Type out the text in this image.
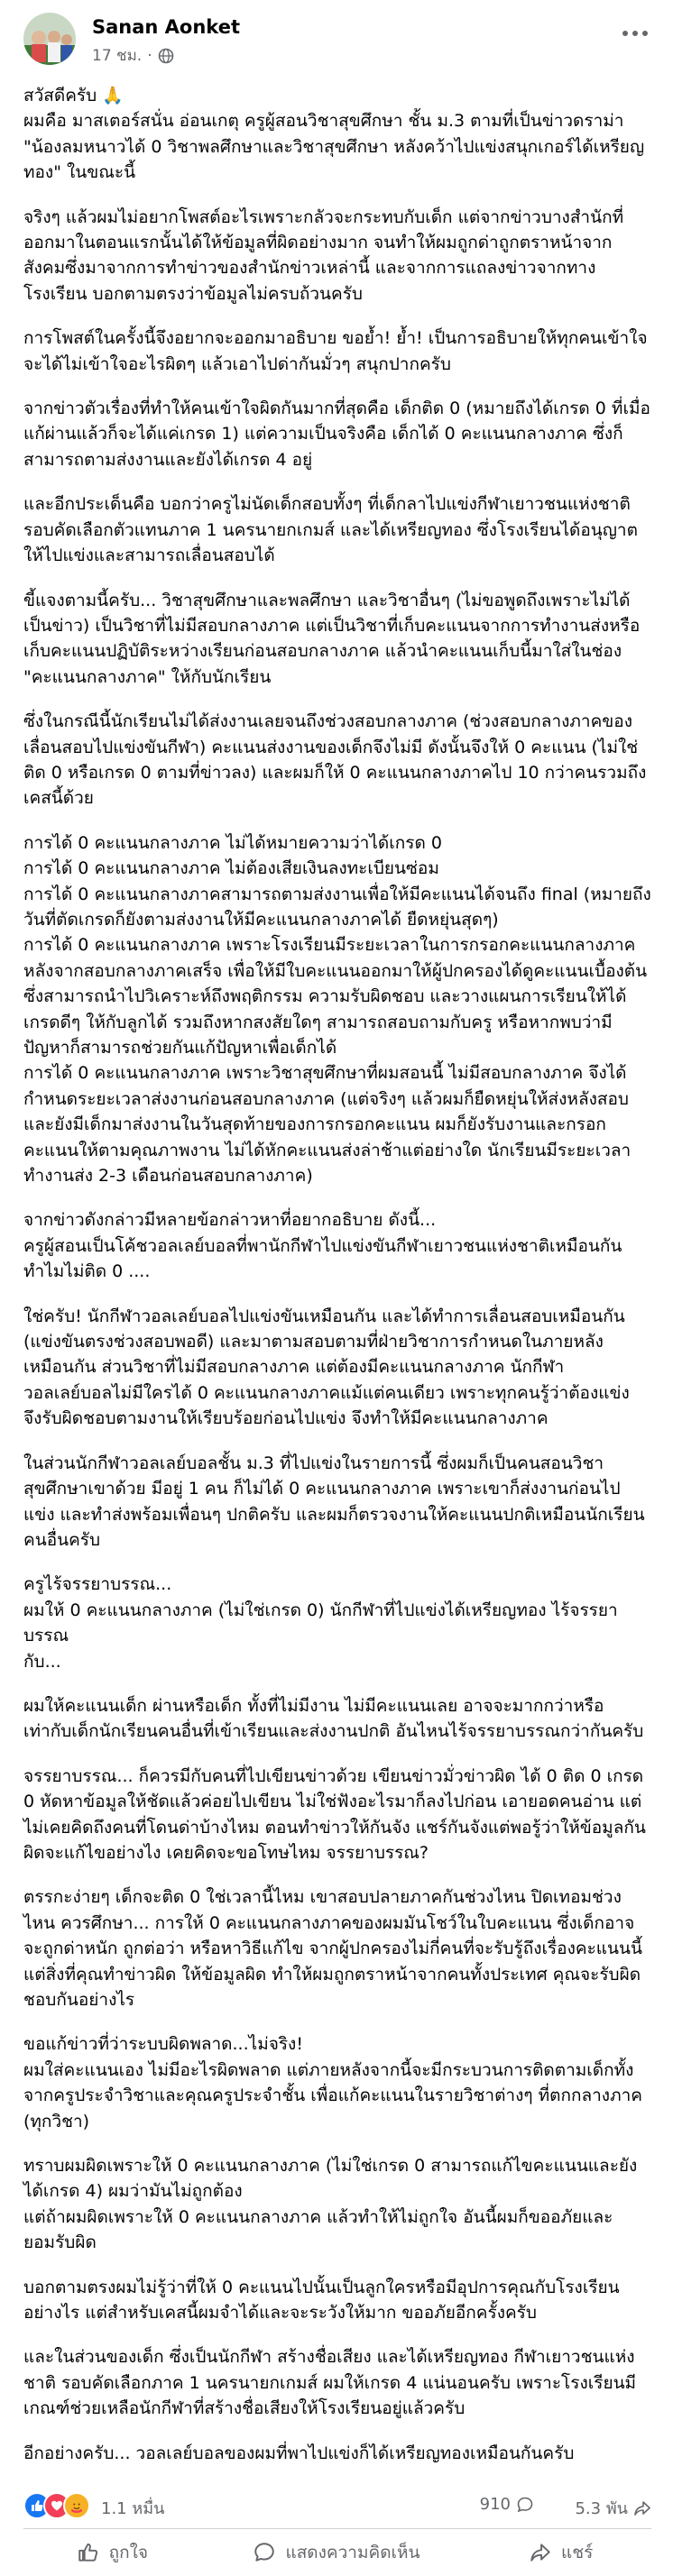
Sanan Aonket
17 ชม. ·

สวัสดีครับ 🙏
ผมคือ มาสเตอร์สนั่น อ่อนเกตุ ครูผู้สอนวิชาสุขศึกษา ชั้น ม.3 ตามที่เป็นข่าวดราม่า "น้องลมหนาวได้ 0 วิชาพลศึกษาและวิชาสุขศึกษา หลังคว้าไปแข่งสนุกเกอร์ได้เหรียญทอง" ในขณะนี้

จริงๆ แล้วผมไม่อยากโพสต์อะไรเพราะกลัวจะกระทบกับเด็ก แต่จากข่าวบางสำนักที่ออกมาในตอนแรกนั้นได้ให้ข้อมูลที่ผิดอย่างมาก จนทำให้ผมถูกด่าถูกตราหน้าจากสังคมซึ่งมาจากการทำข่าวของสำนักข่าวเหล่านี้ และจากการแถลงข่าวจากทางโรงเรียน บอกตามตรงว่าข้อมูลไม่ครบถ้วนครับ

การโพสต์ในครั้งนี้จึงอยากจะออกมาอธิบาย ขอย้ำ! ย้ำ! เป็นการอธิบายให้ทุกคนเข้าใจ จะได้ไม่เข้าใจอะไรผิดๆ แล้วเอาไปด่ากันมั่วๆ สนุกปากครับ

จากข่าวตัวเรื่องที่ทำให้คนเข้าใจผิดกันมากที่สุดคือ เด็กติด 0 (หมายถึงได้เกรด 0 ที่เมื่อแก้ผ่านแล้วก็จะได้แค่เกรด 1) แต่ความเป็นจริงคือ เด็กได้ 0 คะแนนกลางภาค ซึ่งก็สามารถตามส่งงานและยังได้เกรด 4 อยู่

และอีกประเด็นคือ บอกว่าครูไม่นัดเด็กสอบทั้งๆ ที่เด็กลาไปแข่งกีฬาเยาวชนแห่งชาติ รอบคัดเลือกตัวแทนภาค 1 นครนายกเกมส์ และได้เหรียญทอง ซึ่งโรงเรียนได้อนุญาตให้ไปแข่งและสามารถเลื่อนสอบได้

ขี้แจงตามนี้ครับ... วิชาสุขศึกษาและพลศึกษา และวิชาอื่นๆ (ไม่ขอพูดถึงเพราะไม่ได้เป็นข่าว) เป็นวิชาที่ไม่มีสอบกลางภาค แต่เป็นวิชาที่เก็บคะแนนจากการทำงานส่งหรือเก็บคะแนนปฏิบัติระหว่างเรียนก่อนสอบกลางภาค แล้วนำคะแนนเก็บนี้มาใส่ในช่อง "คะแนนกลางภาค" ให้กับนักเรียน

ซึ่งในกรณีนี้นักเรียนไม่ได้ส่งงานเลยจนถึงช่วงสอบกลางภาค (ช่วงสอบกลางภาคของเลื่อนสอบไปแข่งขันกีฬา) คะแนนส่งงานของเด็กจึงไม่มี ดังนั้นจึงให้ 0 คะแนน (ไม่ใช่ติด 0 หรือเกรด 0 ตามที่ข่าวลง) และผมก็ให้ 0 คะแนนกลางภาคไป 10 กว่าคนรวมถึงเคสนี้ด้วย

การได้ 0 คะแนนกลางภาค ไม่ได้หมายความว่าได้เกรด 0
การได้ 0 คะแนนกลางภาค ไม่ต้องเสียเงินลงทะเบียนซ่อม
การได้ 0 คะแนนกลางภาคสามารถตามส่งงานเพื่อให้มีคะแนนได้จนถึง final (หมายถึง วันที่ตัดเกรดก็ยังตามส่งงานให้มีคะแนนกลางภาคได้ ยืดหยุ่นสุดๆ)
การได้ 0 คะแนนกลางภาค เพราะโรงเรียนมีระยะเวลาในการกรอกคะแนนกลางภาคหลังจากสอบกลางภาคเสร็จ เพื่อให้มีใบคะแนนออกมาให้ผู้ปกครองได้ดูคะแนนเบื้องต้น ซึ่งสามารถนำไปวิเคราะห์ถึงพฤติกรรม ความรับผิดชอบ และวางแผนการเรียนให้ได้เกรดดีๆ ให้กับลูกได้ รวมถึงหากสงสัยใดๆ สามารถสอบถามกับครู หรือหากพบว่ามีปัญหาก็สามารถช่วยกันแก้ปัญหาเพื่อเด็กได้
การได้ 0 คะแนนกลางภาค เพราะวิชาสุขศึกษาที่ผมสอนนี้ ไม่มีสอบกลางภาค จึงได้กำหนดระยะเวลาส่งงานก่อนสอบกลางภาค (แต่จริงๆ แล้วผมก็ยืดหยุ่นให้ส่งหลังสอบ และยังมีเด็กมาส่งงานในวันสุดท้ายของการกรอกคะแนน ผมก็ยังรับงานและกรอกคะแนนให้ตามคุณภาพงาน ไม่ได้หักคะแนนส่งล่าช้าแต่อย่างใด นักเรียนมีระยะเวลาทำงานส่ง 2-3 เดือนก่อนสอบกลางภาค)

จากข่าวดังกล่าวมีหลายข้อกล่าวหาที่อยากอธิบาย ดังนี้...
ครูผู้สอนเป็นโค้ชวอลเลย์บอลที่พานักกีฬาไปแข่งขันกีฬาเยาวชนแห่งชาติเหมือนกัน ทำไมไม่ติด 0 ....

ใช่ครับ! นักกีฬาวอลเลย์บอลไปแข่งขันเหมือนกัน และได้ทำการเลื่อนสอบเหมือนกัน (แข่งขันตรงช่วงสอบพอดี) และมาตามสอบตามที่ฝ่ายวิชาการกำหนดในภายหลังเหมือนกัน ส่วนวิชาที่ไม่มีสอบกลางภาค แต่ต้องมีคะแนนกลางภาค นักกีฬาวอลเลย์บอลไม่มีใครได้ 0 คะแนนกลางภาคแม้แต่คนเดียว เพราะทุกคนรู้ว่าต้องแข่ง จึงรับผิดชอบตามงานให้เรียบร้อยก่อนไปแข่ง จึงทำให้มีคะแนนกลางภาค

ในส่วนนักกีฬาวอลเลย์บอลชั้น ม.3 ที่ไปแข่งในรายการนี้ ซึ่งผมก็เป็นคนสอนวิชาสุขศึกษาเขาด้วย มีอยู่ 1 คน ก็ไม่ได้ 0 คะแนนกลางภาค เพราะเขาก็ส่งงานก่อนไปแข่ง และทำส่งพร้อมเพื่อนๆ ปกติครับ และผมก็ตรวจงานให้คะแนนปกติเหมือนนักเรียนคนอื่นครับ

ครูไร้จรรยาบรรณ...
ผมให้ 0 คะแนนกลางภาค (ไม่ใช่เกรด 0) นักกีฬาที่ไปแข่งได้เหรียญทอง ไร้จรรยาบรรณ
กับ...

ผมให้คะแนนเด็ก ผ่านหรือเด็ก ทั้งที่ไม่มีงาน ไม่มีคะแนนเลย อาจจะมากกว่าหรือเท่ากับเด็กนักเรียนคนอื่นที่เข้าเรียนและส่งงานปกติ อันไหนไร้จรรยาบรรณกว่ากันครับ

จรรยาบรรณ... ก็ควรมีกับคนที่ไปเขียนข่าวด้วย เขียนข่าวมั่วข่าวผิด ได้ 0 ติด 0 เกรด 0 หัดหาข้อมูลให้ชัดแล้วค่อยไปเขียน ไม่ใช่ฟังอะไรมาก็ลงไปก่อน เอายอดคนอ่าน แต่ไม่เคยคิดถึงคนที่โดนด่าบ้างไหม ตอนทำข่าวให้กันจัง แชร์กันจังแต่พอรู้ว่าให้ข้อมูลกันผิดจะแก้ไขอย่างไง เคยคิดจะขอโทษไหม จรรยาบรรณ?

ตรรกะง่ายๆ เด็กจะติด 0 ใช่เวลานี้ไหม เขาสอบปลายภาคกันช่วงไหน ปิดเทอมช่วงไหน ควรศึกษา... การให้ 0 คะแนนกลางภาคของผมมันโชว์ในใบคะแนน ซึ่งเด็กอาจจะถูกด่าหนัก ถูกต่อว่า หรือหาวิธีแก้ไข จากผู้ปกครองไม่กี่คนที่จะรับรู้ถึงเรื่องคะแนนนี้ แต่สิ่งที่คุณทำข่าวผิด ให้ข้อมูลผิด ทำให้ผมถูกตราหน้าจากคนทั้งประเทศ คุณจะรับผิดชอบกันอย่างไร

ขอแก้ข่าวที่ว่าระบบผิดพลาด...ไม่จริง!
ผมใส่คะแนนเอง ไม่มีอะไรผิดพลาด แต่ภายหลังจากนี้จะมีกระบวนการติดตามเด็กทั้งจากครูประจำวิชาและคุณครูประจำชั้น เพื่อแก้คะแนนในรายวิชาต่างๆ ที่ตกกลางภาค (ทุกวิชา)

ทราบผมผิดเพราะให้ 0 คะแนนกลางภาค (ไม่ใช่เกรด 0 สามารถแก้ไขคะแนนและยังได้เกรด 4) ผมว่ามันไม่ถูกต้อง
แต่ถ้าผมผิดเพราะให้ 0 คะแนนกลางภาค แล้วทำให้ไม่ถูกใจ อันนี้ผมก็ขออภัยและยอมรับผิด

บอกตามตรงผมไม่รู้ว่าที่ให้ 0 คะแนนไปนั้นเป็นลูกใครหรือมีอุปการคุณกับโรงเรียนอย่างไร แต่สำหรับเคสนี้ผมจำได้และจะระวังให้มาก ขออภัยอีกครั้งครับ

และในส่วนของเด็ก ซึ่งเป็นนักกีฬา สร้างชื่อเสียง และได้เหรียญทอง กีฬาเยาวชนแห่งชาติ รอบคัดเลือกภาค 1 นครนายกเกมส์ ผมให้เกรด 4 แน่นอนครับ เพราะโรงเรียนมีเกณฑ์ช่วยเหลือนักกีฬาที่สร้างชื่อเสียงให้โรงเรียนอยู่แล้วครับ

อีกอย่างครับ... วอลเลย์บอลของผมที่พาไปแข่งก็ได้เหรียญทองเหมือนกันครับ

1.1 หมื่น	910	5.3 พัน
ถูกใจ	แสดงความคิดเห็น	แชร์
